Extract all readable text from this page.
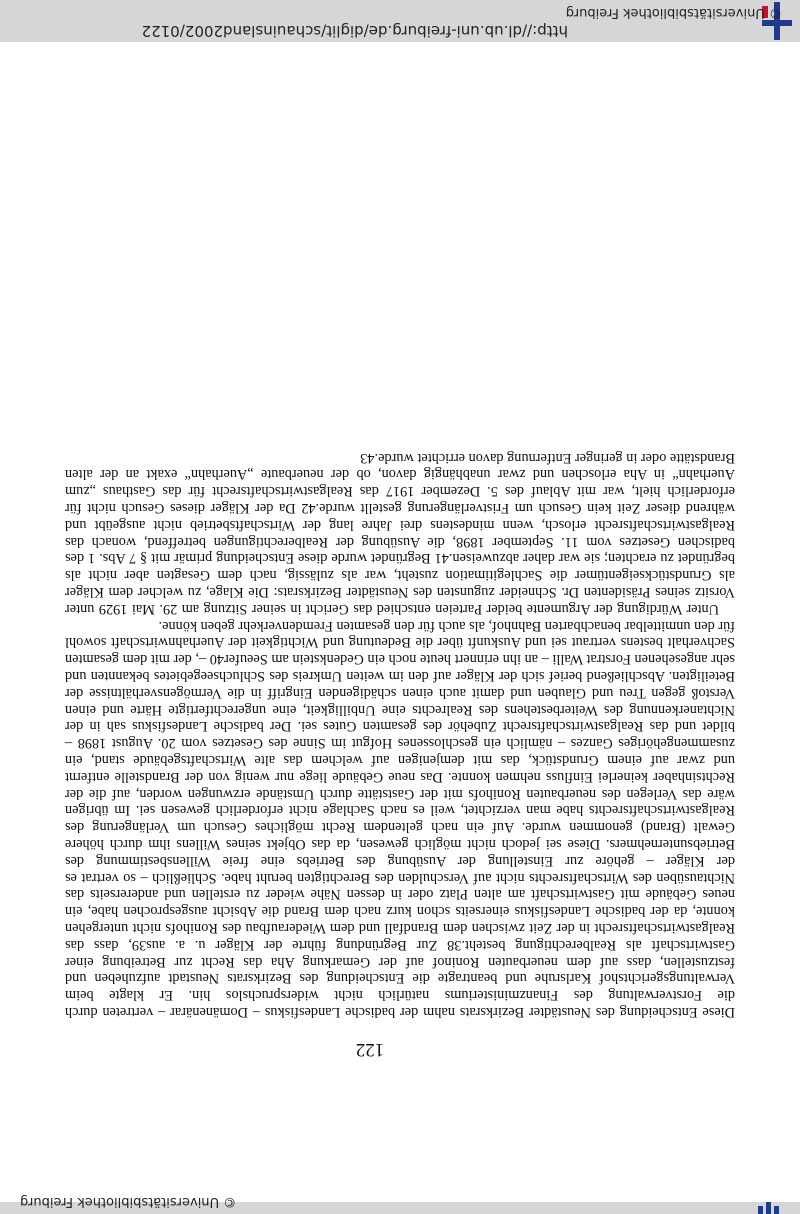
http://dl.ub.uni-freiburg.de/diglit/schauinsland2002/0122
© Universitätsbibliothek Freiburg
122

Diese Entscheidung des Neustädter Bezirksrats nahm der badische Landesfiskus – Domänenärar – vertreten durch die Forstverwaltung des Finanzministeriums natürlich nicht widerspruchslos hin. Er klagte beim Verwaltungsgerichtshof Karlsruhe und beantragte die Entscheidung des Bezirksrats Neustadt aufzuheben und festzustellen, dass auf dem neuerbauten Roninof auf der Gemarkung Aha das Recht zur Betreibung einer Gastwirtschaft als Realberechtigung besteht.38 Zur Begründung führte der Kläger u. a. aus39, dass das Realgastwirtschaftsrecht in der Zeit zwischen dem Brandfall und dem Wiederaufbau des Ronihofs nicht untergehen konnte, da der badische Landesfiskus einerseits schon kurz nach dem Brand die Absicht ausgesprochen habe, ein neues Gebäude mit Gastwirtschaft am alten Platz oder in dessen Nähe wieder zu erstellen und andererseits das Nichtausüben des Wirtschaftsrechts nicht auf Verschulden des Berechtigten beruht habe. Schließlich – so vertrat es der Kläger – gehöre zur Einstellung der Ausübung des Betriebs eine freie Willensbestimmung des Betriebsunternehmers. Diese sei jedoch nicht möglich gewesen, da das Objekt seines Willens ihm durch höhere Gewalt (Brand) genommen wurde. Auf ein nach geltendem Recht mögliches Gesuch um Verlängerung des Realgastwirtschaftsrechts habe man verzichtet, weil es nach Sachlage nicht erforderlich gewesen sei. Im übrigen wäre das Verlegen des neuerbauten Ronihofs mit der Gaststätte durch Umstände erzwungen worden, auf die der Rechtsinhaber keinerlei Einfluss nehmen konnte. Das neue Gebäude liege nur wenig von der Brandstelle entfernt und zwar auf einem Grundstück, das mit demjenigen auf welchem das alte Wirtschaftsgebäude stand, ein zusammengehöriges Ganzes – nämlich ein geschlossenes Hofgut im Sinne des Gesetzes vom 20. August 1898 – bildet und das Realgastwirtschaftsrecht Zubehör des gesamten Gutes sei. Der badische Landesfiskus sah in der Nichtanerkennung des Weiterbestehens des Realrechts eine Unbilligkeit, eine ungerechtfertigte Härte und einen Verstoß gegen Treu und Glauben und damit auch einen schädigenden Eingriff in die Vermögensverhältnisse der Beteiligten. Abschließend berief sich der Kläger auf den im weiten Umkreis des Schluchseegebietes bekannten und sehr angesehenen Forstrat Walli – an ihn erinnert heute noch ein Gedenkstein am Seeufer40 –, der mit dem gesamten Sachverhalt bestens vertraut sei und Auskunft über die Bedeutung und Wichtigkeit der Auerhahnwirtschaft sowohl für den unmittelbar benachbarten Bahnhof, als auch für den gesamten Fremdenverkehr geben könne.

Unter Würdigung der Argumente beider Parteien entschied das Gericht in seiner Sitzung am 29. Mai 1929 unter Vorsitz seines Präsidenten Dr. Schneider zugunsten des Neustädter Bezirksrats: Die Klage, zu welcher dem Kläger als Grundstückseigentümer die Sachlegitimation zusteht, war als zulässig, nach dem Gesagten aber nicht als begründet zu erachten; sie war daher abzuweisen.41 Begründet wurde diese Entscheidung primär mit § 7 Abs. 1 des badischen Gesetzes vom 11. September 1898, die Ausübung der Realberechtigungen betreffend, wonach das Realgastwirtschaftsrecht erlosch, wenn mindestens drei Jahre lang der Wirtschaftsbetrieb nicht ausgeübt und während dieser Zeit kein Gesuch um Fristverlängerung gestellt wurde.42 Da der Kläger dieses Gesuch nicht für erforderlich hielt, war mit Ablauf des 5. Dezember 1917 das Realgastwirtschaftsrecht für das Gasthaus „zum Auerhahn“ in Aha erloschen und zwar unabhängig davon, ob der neuerbaute „Auerhahn“ exakt an der alten Brandstätte oder in geringer Entfernung davon errichtet wurde.43

© Universitätsbibliothek Freiburg
